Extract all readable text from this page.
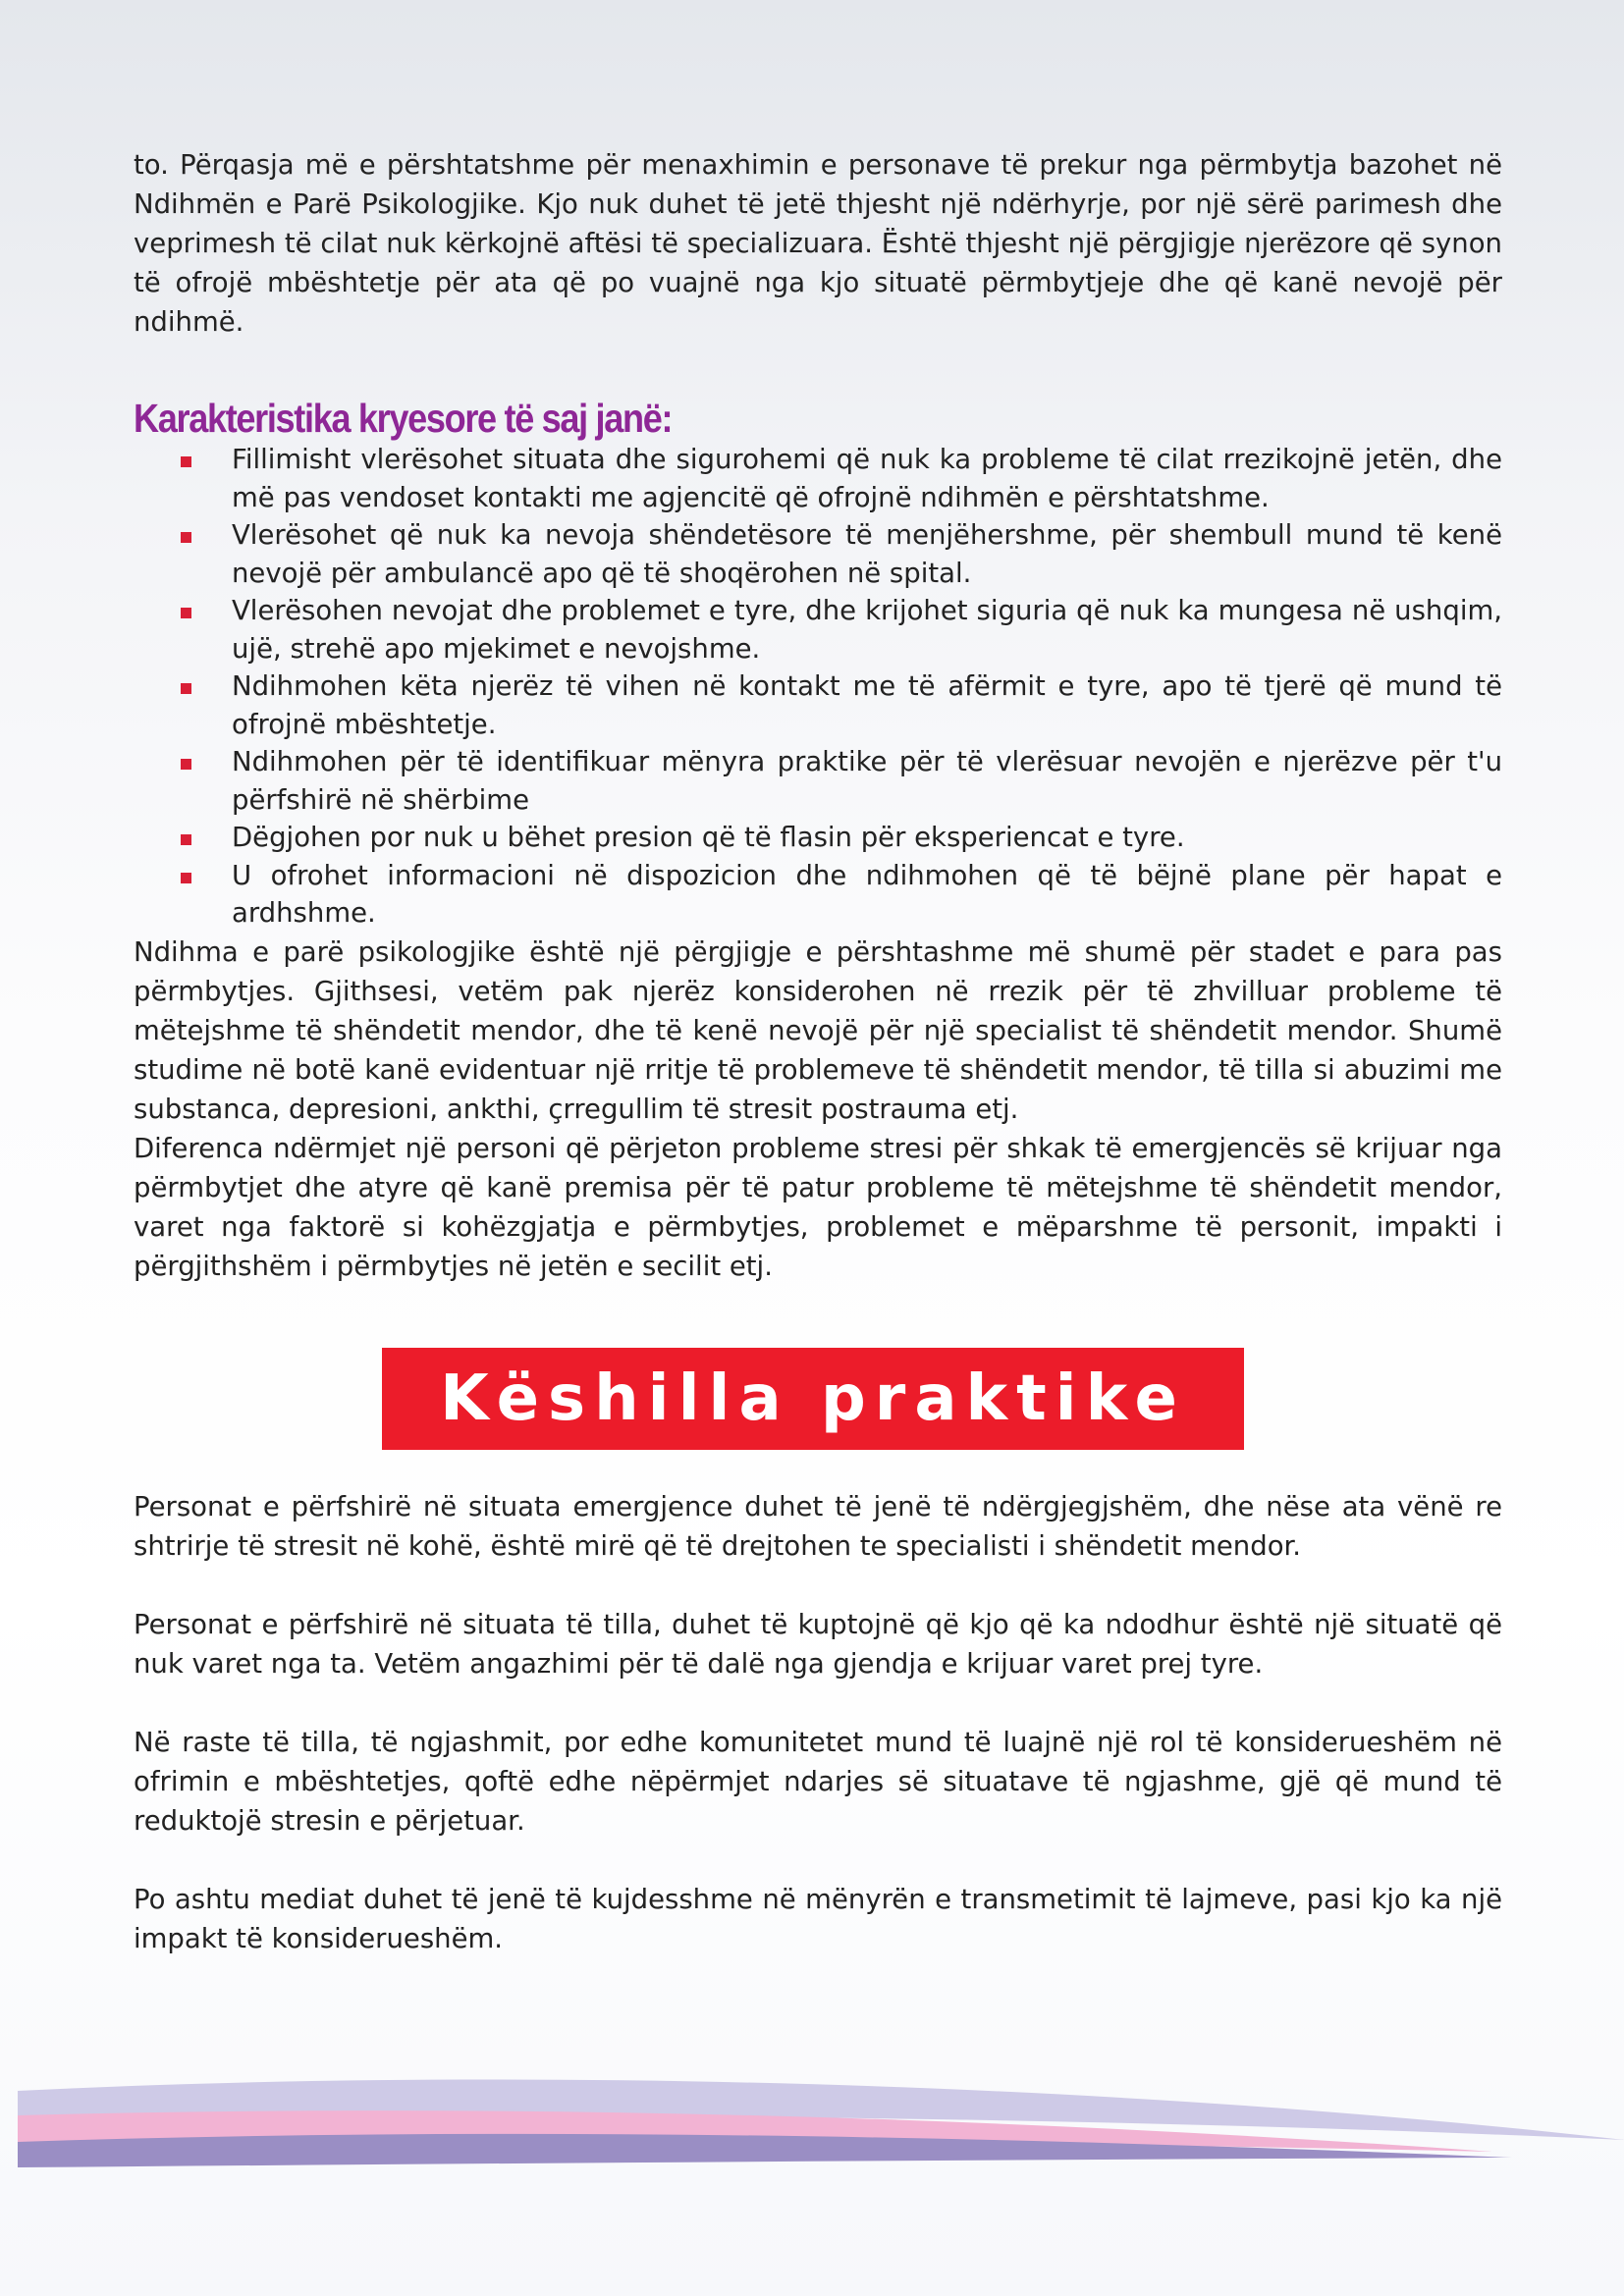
to. Përqasja më e përshtatshme për menaxhimin e personave të prekur nga përmbytja bazohet në Ndihmën e Parë Psikologjike. Kjo nuk duhet të jetë thjesht një ndërhyrje, por një sërë parimesh dhe veprimesh të cilat nuk kërkojnë aftësi të specializuara. Është thjesht një përgjigje njerëzore që synon të ofrojë mbështetje për ata që po vuajnë nga kjo situatë përmbytjeje dhe që kanë nevojë për ndihmë.

Karakteristika kryesore të saj janë:
Fillimisht vlerësohet situata dhe sigurohemi që nuk ka probleme të cilat rrezikojnë jetën, dhe më pas vendoset kontakti me agjencitë që ofrojnë ndihmën e përshtatshme.
Vlerësohet që nuk ka nevoja shëndetësore të menjëhershme, për shembull mund të kenë nevojë për ambulancë apo që të shoqërohen në spital.
Vlerësohen nevojat dhe problemet e tyre, dhe krijohet siguria që nuk ka mungesa në ushqim, ujë, strehë apo mjekimet e nevojshme.
Ndihmohen këta njerëz të vihen në kontakt me të afërmit e tyre, apo të tjerë që mund të ofrojnë mbështetje.
Ndihmohen për të identifikuar mënyra praktike për të vlerësuar nevojën e njerëzve për t'u përfshirë në shërbime
Dëgjohen por nuk u bëhet presion që të flasin për eksperiencat e tyre.
U ofrohet informacioni në dispozicion dhe ndihmohen që të bëjnë plane për hapat e ardhshme.

Ndihma e parë psikologjike është një përgjigje e përshtashme më shumë për stadet e para pas përmbytjes. Gjithsesi, vetëm pak njerëz konsiderohen në rrezik për të zhvilluar probleme të mëtejshme të shëndetit mendor, dhe të kenë nevojë për një specialist të shëndetit mendor. Shumë studime në botë kanë evidentuar një rritje të problemeve të shëndetit mendor, të tilla si abuzimi me substanca, depresioni, ankthi, çrregullim të stresit postrauma etj.

Diferenca ndërmjet një personi që përjeton probleme stresi për shkak të emergjencës së krijuar nga përmbytjet dhe atyre që kanë premisa për të patur probleme të mëtejshme të shëndetit mendor, varet nga faktorë si kohëzgjatja e përmbytjes, problemet e mëparshme të personit, impakti i përgjithshëm i përmbytjes në jetën e secilit etj.

Këshilla praktike

Personat e përfshirë në situata emergjence duhet të jenë të ndërgjegjshëm, dhe nëse ata vënë re shtrirje të stresit në kohë, është mirë që të drejtohen te specialisti i shëndetit mendor.

Personat e përfshirë në situata të tilla, duhet të kuptojnë që kjo që ka ndodhur është një situatë që nuk varet nga ta. Vetëm angazhimi për të dalë nga gjendja e krijuar varet prej tyre.

Në raste të tilla, të ngjashmit, por edhe komunitetet mund të luajnë një rol të konsiderueshëm në ofrimin e mbështetjes, qoftë edhe nëpërmjet ndarjes së situatave të ngjashme, gjë që mund të reduktojë stresin e përjetuar.

Po ashtu mediat duhet të jenë të kujdesshme në mënyrën e transmetimit të lajmeve, pasi kjo ka një impakt të konsiderueshëm.
